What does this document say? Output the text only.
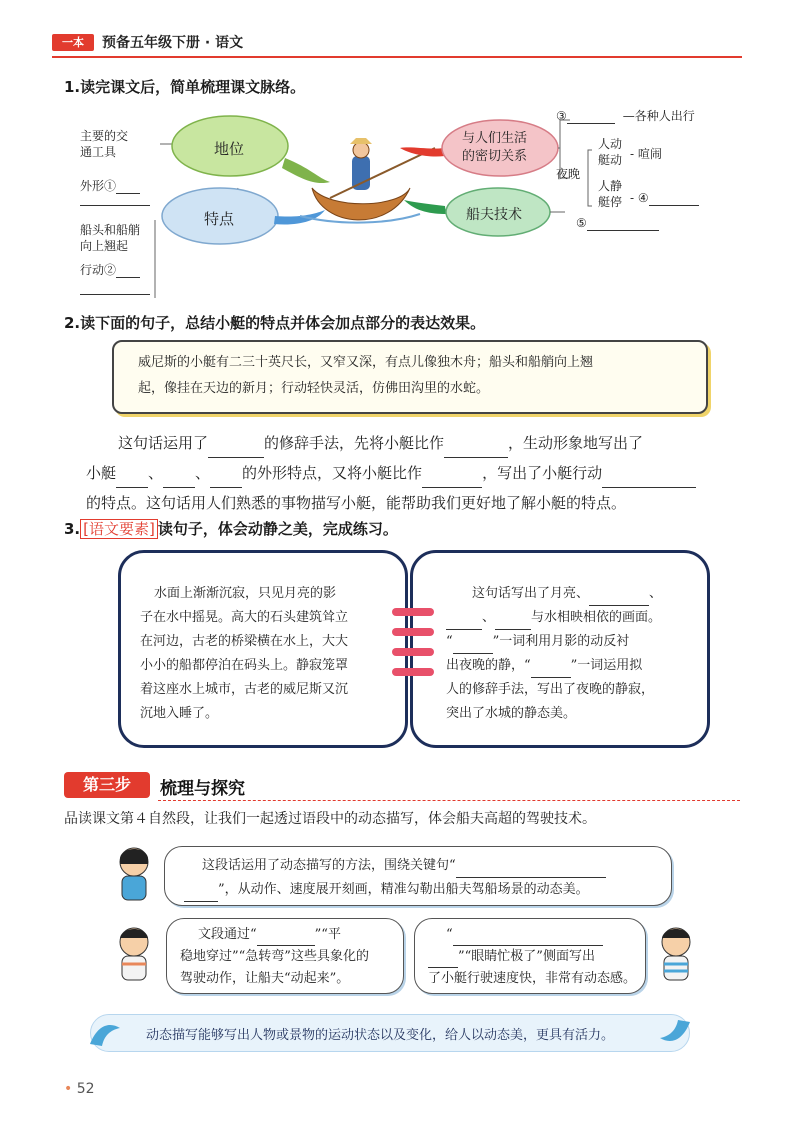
一本	预备五年级下册 · 语文
1.读完课文后，简单梳理课文脉络。
主要的交
通工具	地位
特点
与人们生活
的密切关系
船夫技术
外形①
船头和船艄
向上翘起
行动②
③	—各种人出行
夜晚
人动
艇动 - 喧闹
人静
艇停 - ④
⑤
2.读下面的句子，总结小艇的特点并体会加点部分的表达效果。
威尼斯的小艇有二三十英尺长，又窄又深，有点儿像独木舟；船头和船艄向上翘
起，像挂在天边的新月；行动轻快灵活，仿佛田沟里的水蛇。
这句话运用了	的修辞手法，先将小艇比作	，生动形象地写出了
小艇 、 、 的外形特点，又将小艇比作	，写出了小艇行动
的特点。这句话用人们熟悉的事物描写小艇，能帮助我们更好地了解小艇的特点。
3. [语文要素] 读句子，体会动静之美，完成练习。
水面上渐渐沉寂，只见月亮的影
子在水中摇晃。高大的石头建筑耸立
在河边，古老的桥梁横在水上，大大
小小的船都停泊在码头上。静寂笼罩
着这座水上城市，古老的威尼斯又沉
沉地入睡了。
这句话写出了月亮、	、
、	与水相映相依的画面。
“	”一词利用月影的动反衬
出夜晚的静，“	”一词运用拟
人的修辞手法，写出了夜晚的静寂，
突出了水城的静态美。
第三步	梳理与探究
品读课文第４自然段，让我们一起透过语段中的动态描写，体会船夫高超的驾驶技术。
这段话运用了动态描写的方法，围绕关键句“
”，从动作、速度展开刻画，精准勾勒出船夫驾船场景的动态美。
文段通过“	”“平
稳地穿过”“急转弯”这些具象化的
驾驶动作，让船夫“动起来”。
“
”“眼睛忙极了”侧面写出
了小艇行驶速度快，非常有动态感。
动态描写能够写出人物或景物的运动状态以及变化，给人以动态美，更具有活力。
• 52
